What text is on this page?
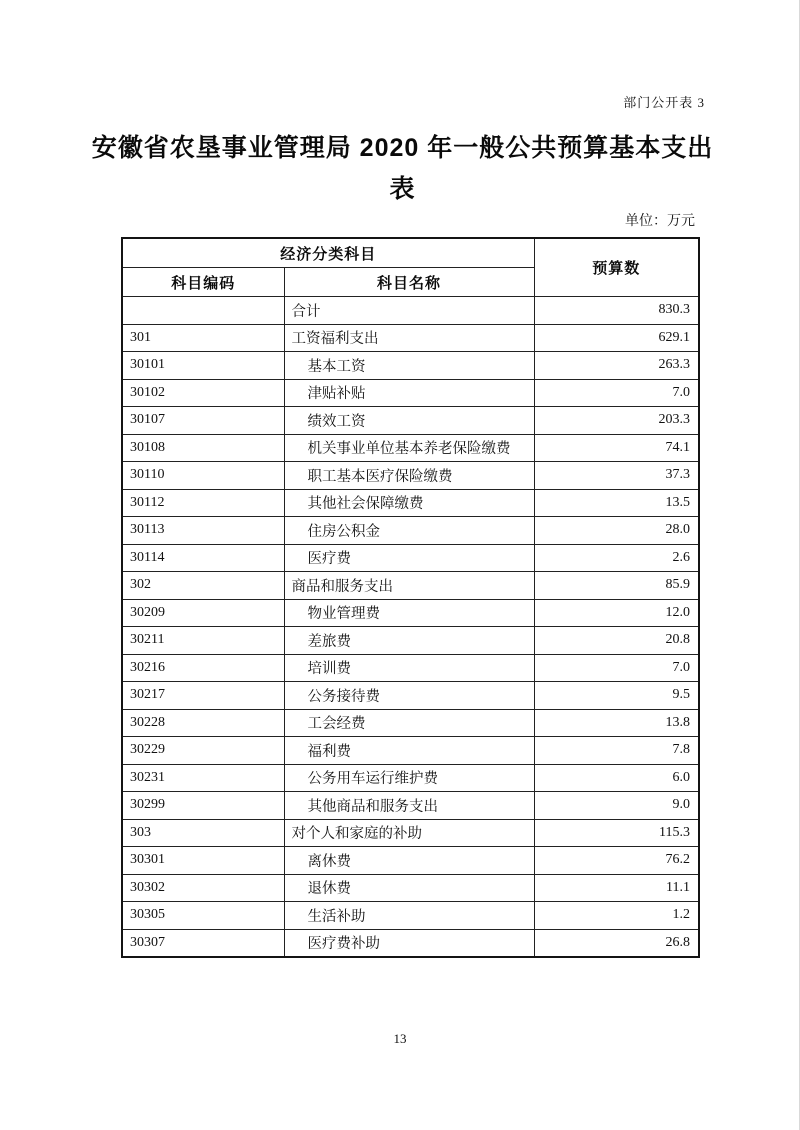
部门公开表 3
安徽省农垦事业管理局 2020 年一般公共预算基本支出
表
单位：万元
经济分类科目		预算数
科目编码	科目名称	
	合计	830.3
301	工资福利支出	629.1
30101	基本工资	263.3
30102	津贴补贴	7.0
30107	绩效工资	203.3
30108	机关事业单位基本养老保险缴费	74.1
30110	职工基本医疗保险缴费	37.3
30112	其他社会保障缴费	13.5
30113	住房公积金	28.0
30114	医疗费	2.6
302	商品和服务支出	85.9
30209	物业管理费	12.0
30211	差旅费	20.8
30216	培训费	7.0
30217	公务接待费	9.5
30228	工会经费	13.8
30229	福利费	7.8
30231	公务用车运行维护费	6.0
30299	其他商品和服务支出	9.0
303	对个人和家庭的补助	115.3
30301	离休费	76.2
30302	退休费	11.1
30305	生活补助	1.2
30307	医疗费补助	26.8
13
